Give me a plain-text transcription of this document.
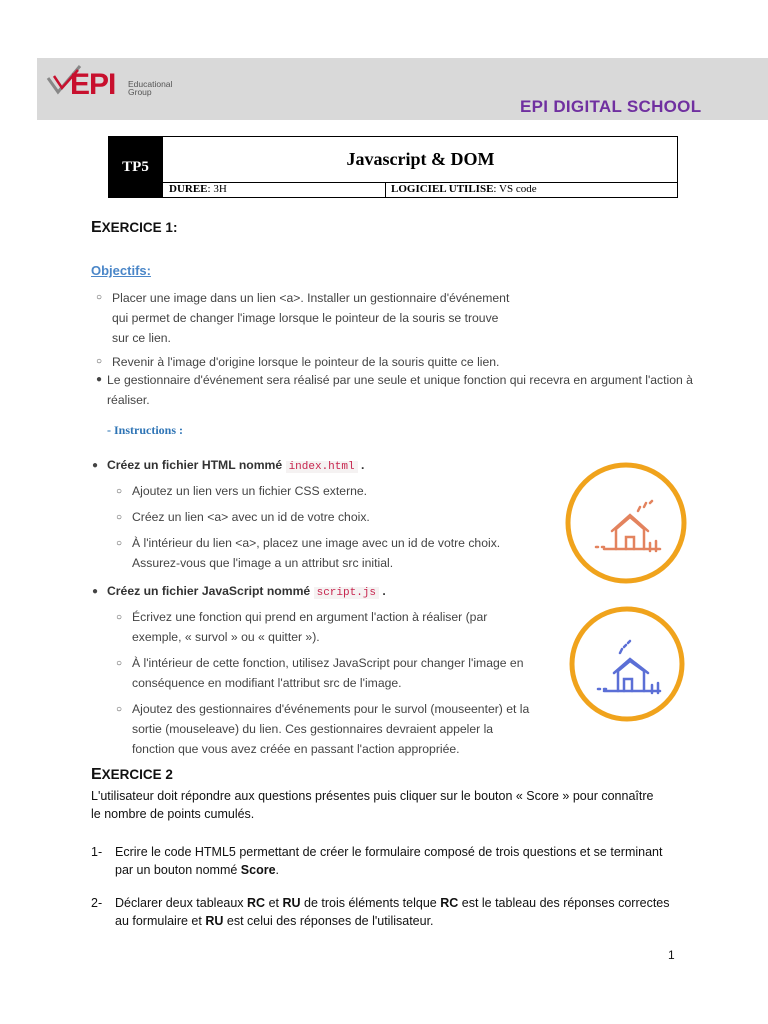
EPI Educational
Group
EPI DIGITAL SCHOOL
TP5	Javascript & DOM
DUREE: 3H	LOGICIEL UTILISE: VS code
EXERCICE 1:
Objectifs:
○ Placer une image dans un lien <a>. Installer un gestionnaire d'événement
qui permet de changer l'image lorsque le pointeur de la souris se trouve
sur ce lien.
○ Revenir à l'image d'origine lorsque le pointeur de la souris quitte ce lien.
● Le gestionnaire d'événement sera réalisé par une seule et unique fonction qui recevra en argument l'action à
réaliser.
- Instructions :
● Créez un fichier HTML nommé index.html .
○ Ajoutez un lien vers un fichier CSS externe.
○ Créez un lien <a> avec un id de votre choix.
○ À l'intérieur du lien <a>, placez une image avec un id de votre choix.
Assurez-vous que l'image a un attribut src initial.
● Créez un fichier JavaScript nommé script.js .
○ Écrivez une fonction qui prend en argument l'action à réaliser (par
exemple, « survol » ou « quitter »).
○ À l'intérieur de cette fonction, utilisez JavaScript pour changer l'image en
conséquence en modifiant l'attribut src de l'image.
○ Ajoutez des gestionnaires d'événements pour le survol (mouseenter) et la
sortie (mouseleave) du lien. Ces gestionnaires devraient appeler la
fonction que vous avez créée en passant l'action appropriée.
EXERCICE 2
L'utilisateur doit répondre aux questions présentes puis cliquer sur le bouton « Score » pour connaître
le nombre de points cumulés.
1- Ecrire le code HTML5 permettant de créer le formulaire composé de trois questions et se terminant
par un bouton nommé Score.
2- Déclarer deux tableaux RC et RU de trois éléments telque RC est le tableau des réponses correctes
au formulaire et RU est celui des réponses de l'utilisateur.
1
